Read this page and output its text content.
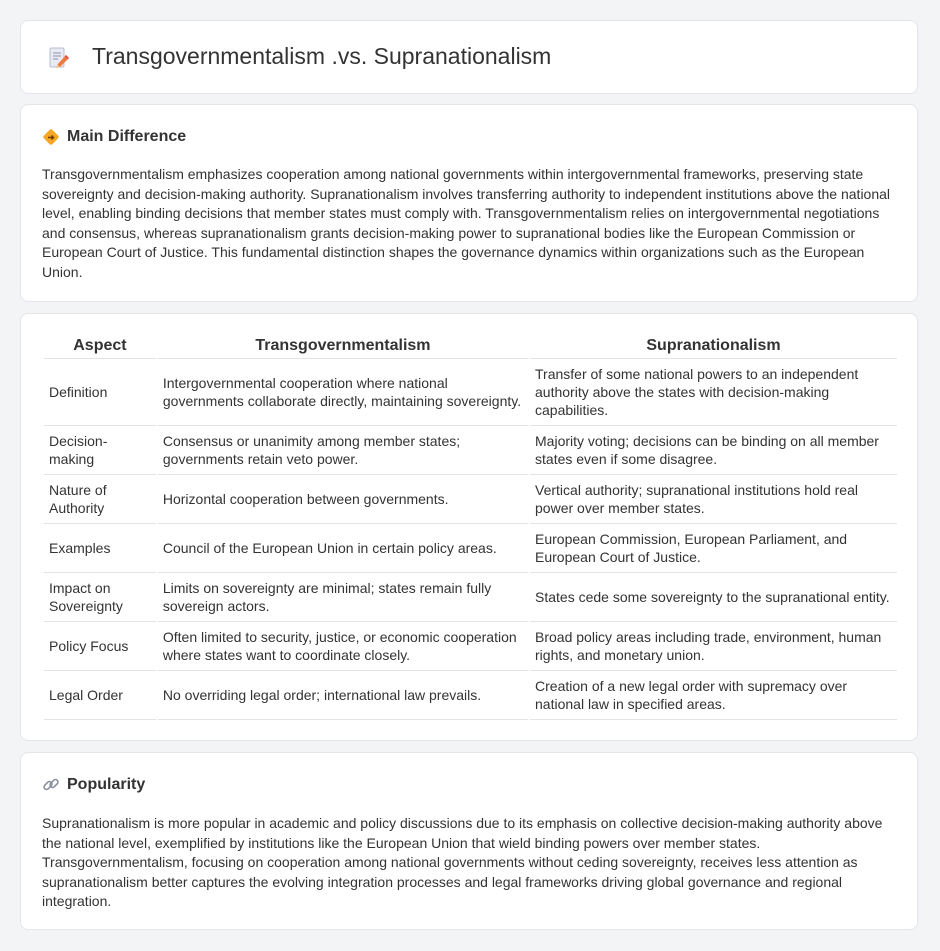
Transgovernmentalism .vs. Supranationalism
Main Difference

Transgovernmentalism emphasizes cooperation among national governments within intergovernmental frameworks, preserving state sovereignty and decision-making authority. Supranationalism involves transferring authority to independent institutions above the national level, enabling binding decisions that member states must comply with. Transgovernmentalism relies on intergovernmental negotiations and consensus, whereas supranationalism grants decision-making power to supranational bodies like the European Commission or European Court of Justice. This fundamental distinction shapes the governance dynamics within organizations such as the European Union.

Aspect	Transgovernmentalism	Supranationalism
Definition	Intergovernmental cooperation where national governments collaborate directly, maintaining sovereignty.	Transfer of some national powers to an independent authority above the states with decision-making capabilities.
Decision-making	Consensus or unanimity among member states; governments retain veto power.	Majority voting; decisions can be binding on all member states even if some disagree.
Nature of Authority	Horizontal cooperation between governments.	Vertical authority; supranational institutions hold real power over member states.
Examples	Council of the European Union in certain policy areas.	European Commission, European Parliament, and European Court of Justice.
Impact on Sovereignty	Limits on sovereignty are minimal; states remain fully sovereign actors.	States cede some sovereignty to the supranational entity.
Policy Focus	Often limited to security, justice, or economic cooperation where states want to coordinate closely.	Broad policy areas including trade, environment, human rights, and monetary union.
Legal Order	No overriding legal order; international law prevails.	Creation of a new legal order with supremacy over national law in specified areas.
Popularity

Supranationalism is more popular in academic and policy discussions due to its emphasis on collective decision-making authority above the national level, exemplified by institutions like the European Union that wield binding powers over member states. Transgovernmentalism, focusing on cooperation among national governments without ceding sovereignty, receives less attention as supranationalism better captures the evolving integration processes and legal frameworks driving global governance and regional integration.
